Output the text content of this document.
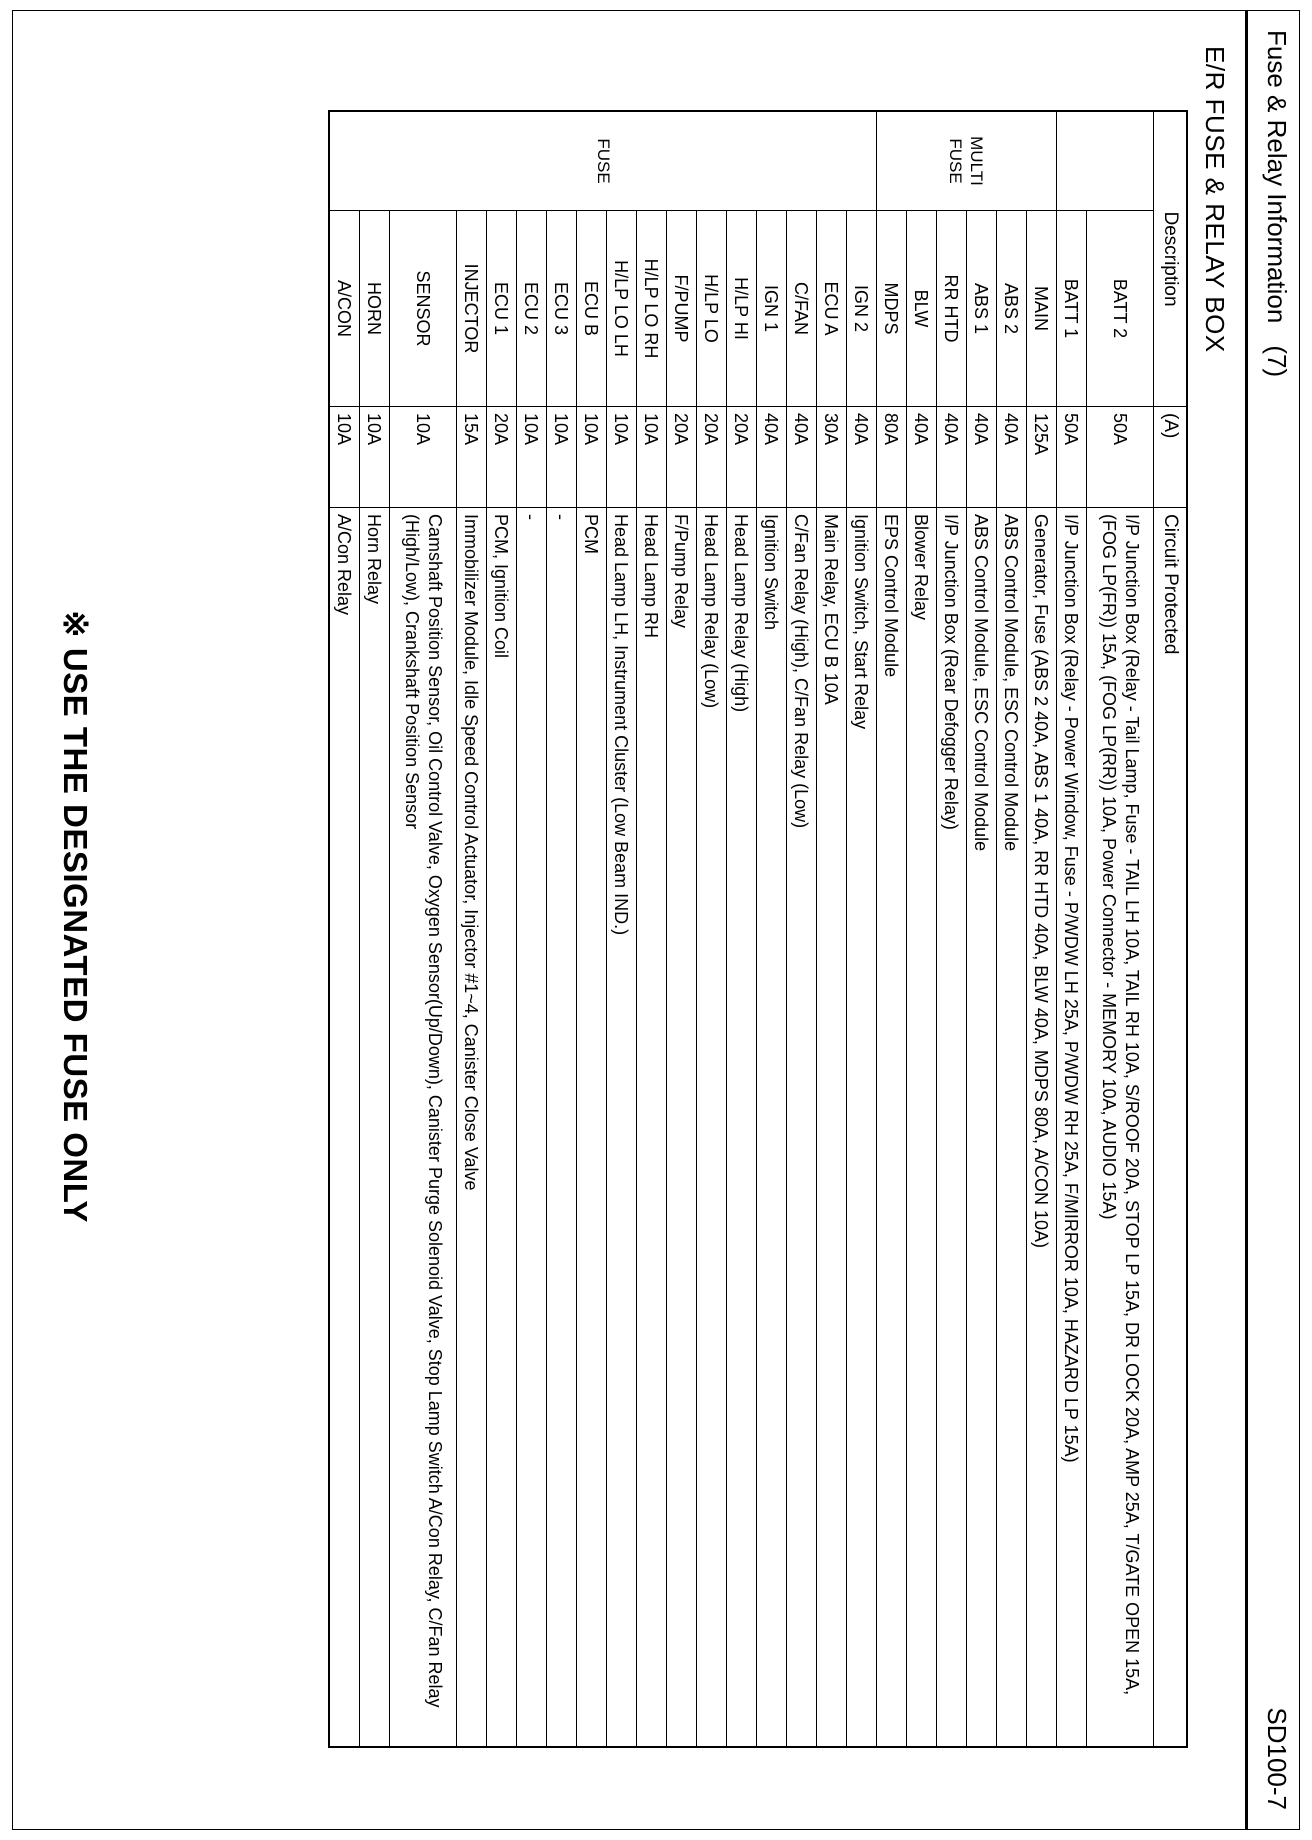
Fuse & Relay Information(7)
SD100-7
E/R FUSE & RELAY BOX
Description		(A)	Circuit Protected
	BATT 2	50A	I/P Junction Box (Relay - Tail Lamp, Fuse - TAIL LH 10A, TAIL RH 10A, S/ROOF 20A, STOP LP 15A, DR LOCK 20A, AMP 25A, T/GATE OPEN 15A, (FOG LP(FR)) 15A, (FOG LP(RR)) 10A, Power Connector - MEMORY 10A, AUDIO 15A)
	BATT 1	50A	I/P Junction Box (Relay - Power Window, Fuse - P/WDW LH 25A, P/WDW RH 25A, F/MIRROR 10A, HAZARD LP 15A)

MULTI
FUSE	MAIN	125A	Generator, Fuse (ABS 2 40A, ABS 1 40A, RR HTD 40A, BLW 40A, MDPS 80A, A/CON 10A)
	ABS 2	40A	ABS Control Module, ESC Control Module
	ABS 1	40A	ABS Control Module, ESC Control Module
	RR HTD	40A	I/P Junction Box (Rear Defogger Relay)
	BLW	40A	Blower Relay
	MDPS	80A	EPS Control Module
FUSE	IGN 2	40A	Ignition Switch, Start Relay
	ECU A	30A	Main Relay, ECU B 10A
	C/FAN	40A	C/Fan Relay (High), C/Fan Relay (Low)
	IGN 1	40A	Ignition Switch
	H/LP HI	20A	Head Lamp Relay (High)
	H/LP LO	20A	Head Lamp Relay (Low)
	F/PUMP	20A	F/Pump Relay
	H/LP LO RH	10A	Head Lamp RH
	H/LP LO LH	10A	Head Lamp LH, Instrument Cluster (Low Beam IND.)
	ECU B	10A	PCM
	ECU 3	10A	-
	ECU 2	10A	-
	ECU 1	20A	PCM, Ignition Coil
	INJECTOR	15A	Immobilizer Module, Idle Speed Control Actuator, Injector #1~4, Canister Close Valve
	SENSOR	10A	Camshaft Position Sensor, Oil Control Valve, Oxygen Sensor(Up/Down), Canister Purge Solenoid Valve, Stop Lamp Switch A/Con Relay, C/Fan Relay (High/Low), Crankshaft Position Sensor
	HORN	10A	Horn Relay
	A/CON	10A	A/Con Relay
※ USE THE DESIGNATED FUSE ONLY
